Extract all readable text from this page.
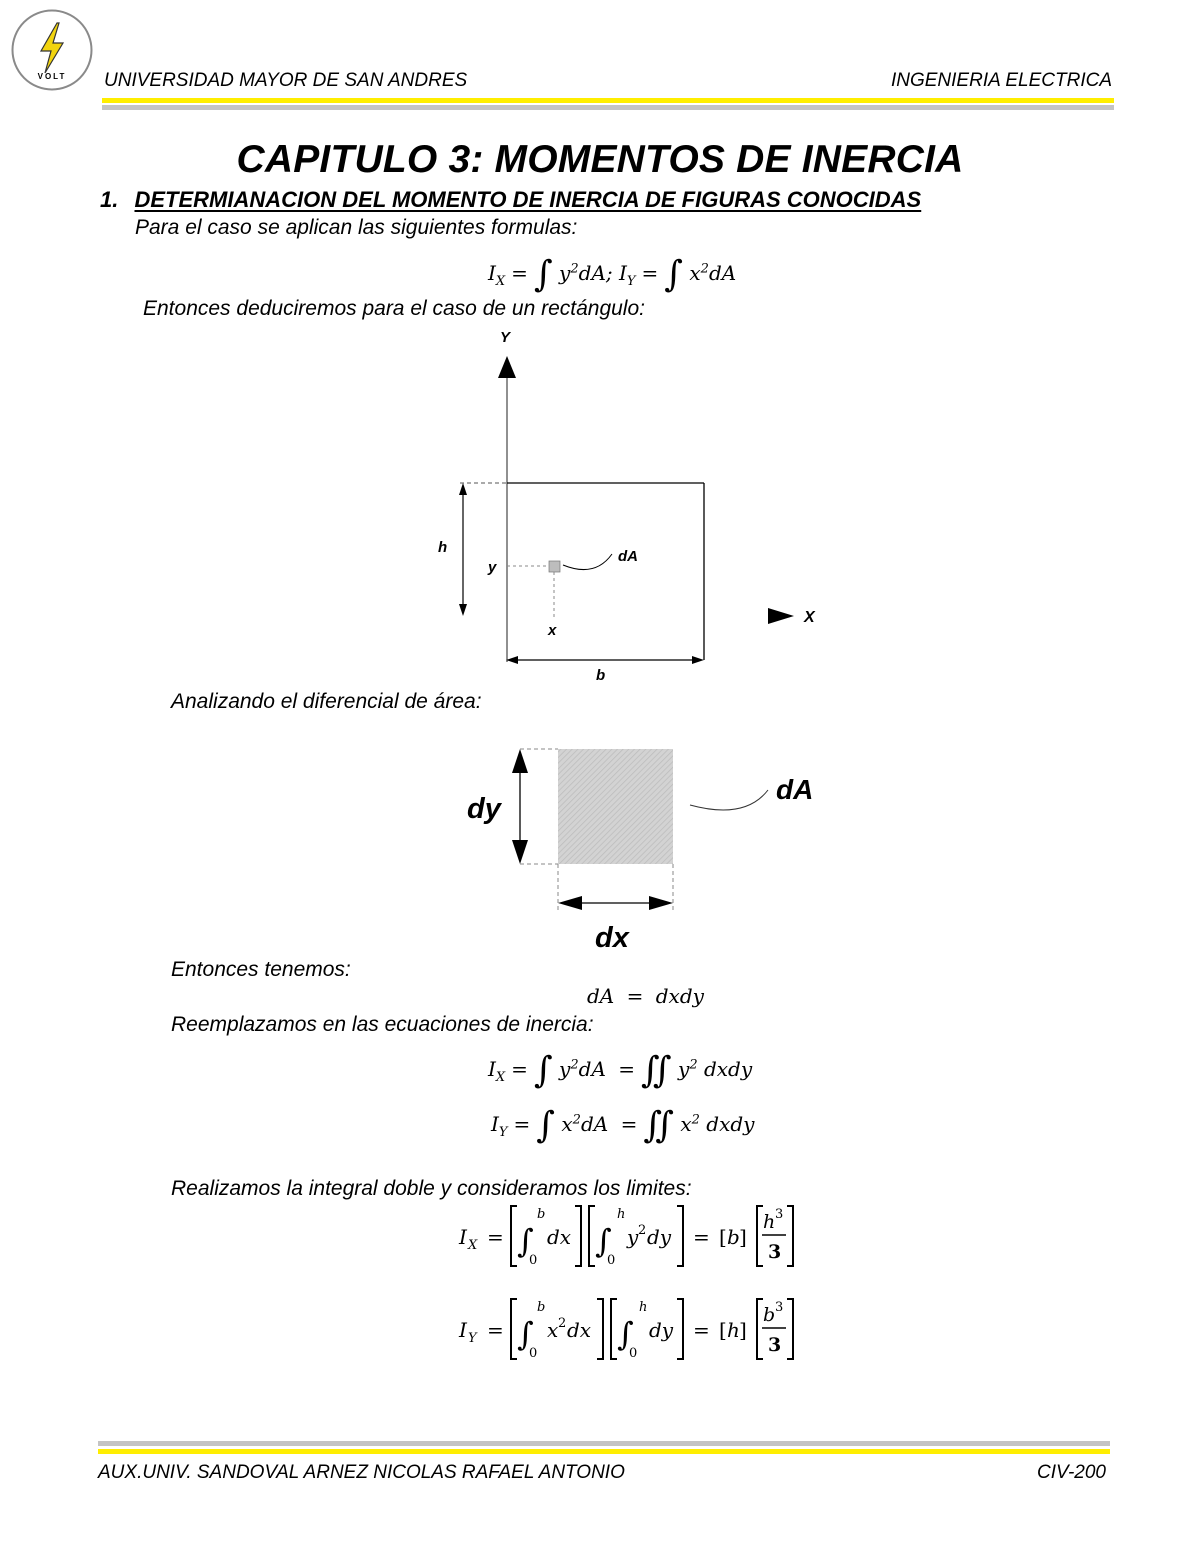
VOLT UNIVERSIDAD MAYOR DE SAN ANDRES	INGENIERIA ELECTRICA
CAPITULO 3: MOMENTOS DE INERCIA
1. DETERMIANACION DEL MOMENTO DE INERCIA DE FIGURAS CONOCIDAS
Para el caso se aplican las siguientes formulas:
$I_X$ = ∫ $y^2dA$; $I_Y$ = ∫ $x^2dA$
Entonces deduciremos para el caso de un rectángulo:
Y
h
b
y
x
dA
X
Analizando el diferencial de área:
dy
dx
dA
Entonces tenemos:
dA = dxdy
Reemplazamos en las ecuaciones de inercia:
$I_X$ = ∫ $y^2dA$ = ∬ $y^2$ dxdy
$I_Y$ = ∫ $x^2dA$ = ∬ $x^2$ dxdy
Realizamos la integral doble y consideramos los limites:
I X = ∫
b
0
dx ∫
h
0
y 2 dy = [ b ]
h 3
3
I Y = ∫
b
0
x 2 dx ∫
h
0
dy = [ h ]
b 3
3
AUX.UNIV. SANDOVAL ARNEZ NICOLAS RAFAEL ANTONIO	CIV-200
